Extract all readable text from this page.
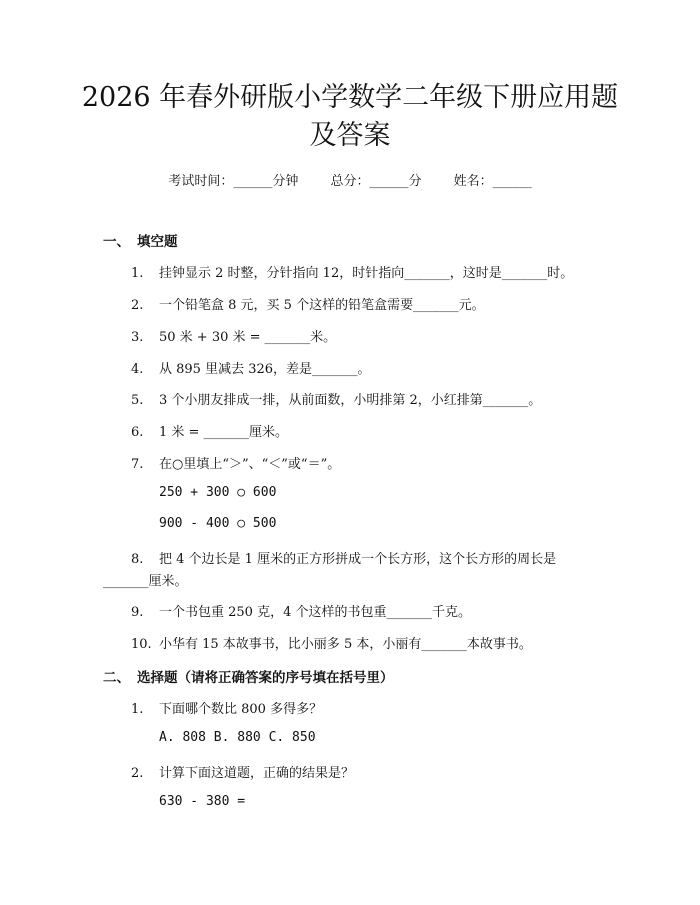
2026 年春外研版小学数学二年级下册应用题
及答案
考试时间：______分钟 总分：______分 姓名：______
一、 填空题
1. 挂钟显示 2 时整，分针指向 12，时针指向_______，这时是_______时。
2. 一个铅笔盒 8 元，买 5 个这样的铅笔盒需要_______元。
3. 50 米 + 30 米 = _______米。
4. 从 895 里减去 326，差是_______。
5. 3 个小朋友排成一排，从前面数，小明排第 2，小红排第_______。
6. 1 米 = _______厘米。
7. 在○里填上“＞”、“＜”或“＝”。
250 + 300 ○ 600
900 - 400 ○ 500
8. 把 4 个边长是 1 厘米的正方形拼成一个长方形，这个长方形的周长是
_______厘米。
9. 一个书包重 250 克，4 个这样的书包重_______千克。
10. 小华有 15 本故事书，比小丽多 5 本，小丽有_______本故事书。
二、 选择题（请将正确答案的序号填在括号里）
1. 下面哪个数比 800 多得多？
A. 808 B. 880 C. 850
2. 计算下面这道题，正确的结果是？
630 - 380 =
